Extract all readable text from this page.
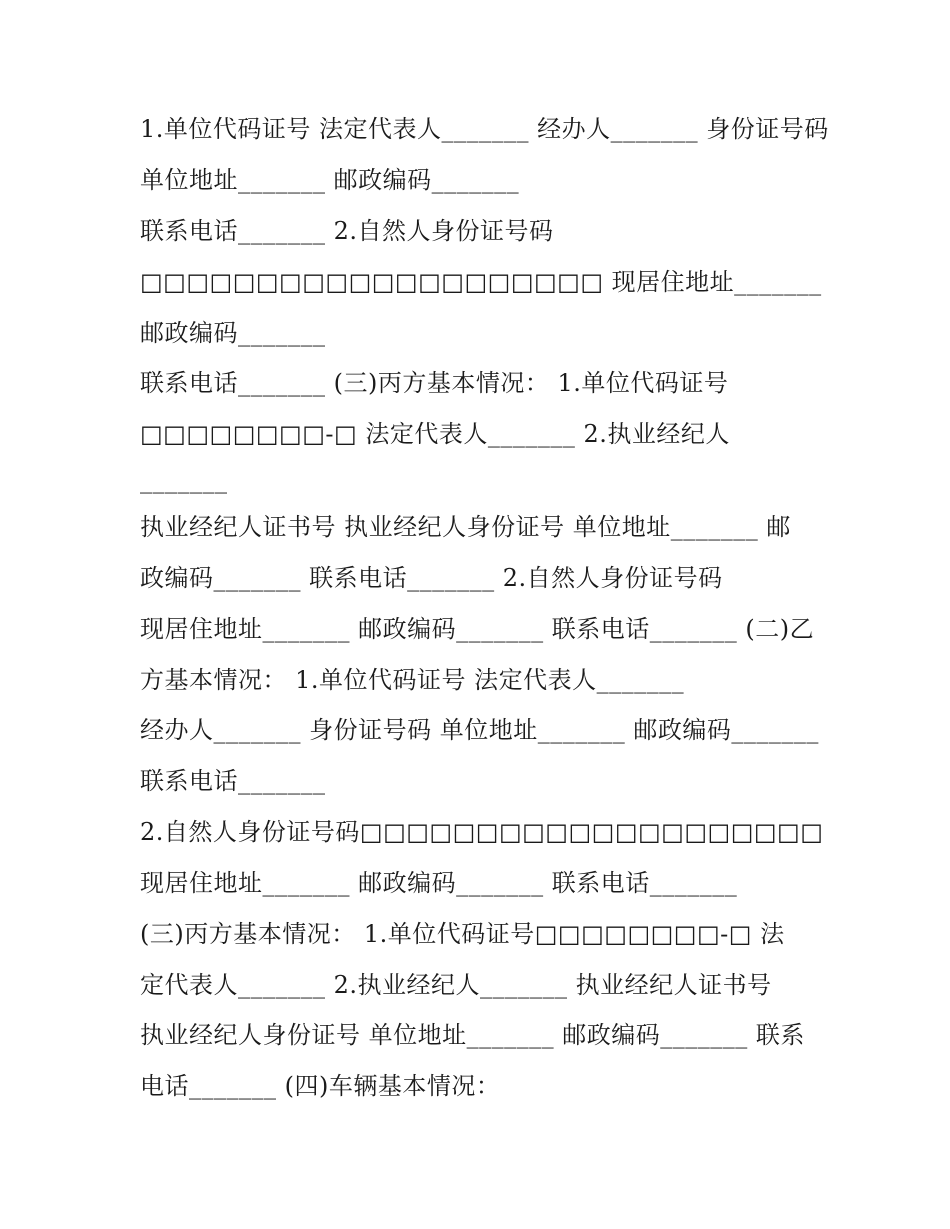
1.单位代码证号 法定代表人_______ 经办人_______ 身份证号码
单位地址_______ 邮政编码_______
联系电话_______ 2.自然人身份证号码
□□□□□□□□□□□□□□□□□□□□ 现居住地址_______
邮政编码_______
联系电话_______ (三)丙方基本情况： 1.单位代码证号
□□□□□□□□-□ 法定代表人_______ 2.执业经纪人
_______
执业经纪人证书号 执业经纪人身份证号 单位地址_______ 邮
政编码_______ 联系电话_______ 2.自然人身份证号码
现居住地址_______ 邮政编码_______ 联系电话_______ (二)乙
方基本情况： 1.单位代码证号 法定代表人_______
经办人_______ 身份证号码 单位地址_______ 邮政编码_______
联系电话_______
2.自然人身份证号码□□□□□□□□□□□□□□□□□□□□
现居住地址_______ 邮政编码_______ 联系电话_______
(三)丙方基本情况： 1.单位代码证号□□□□□□□□-□ 法
定代表人_______ 2.执业经纪人_______ 执业经纪人证书号
执业经纪人身份证号 单位地址_______ 邮政编码_______ 联系
电话_______ (四)车辆基本情况：
